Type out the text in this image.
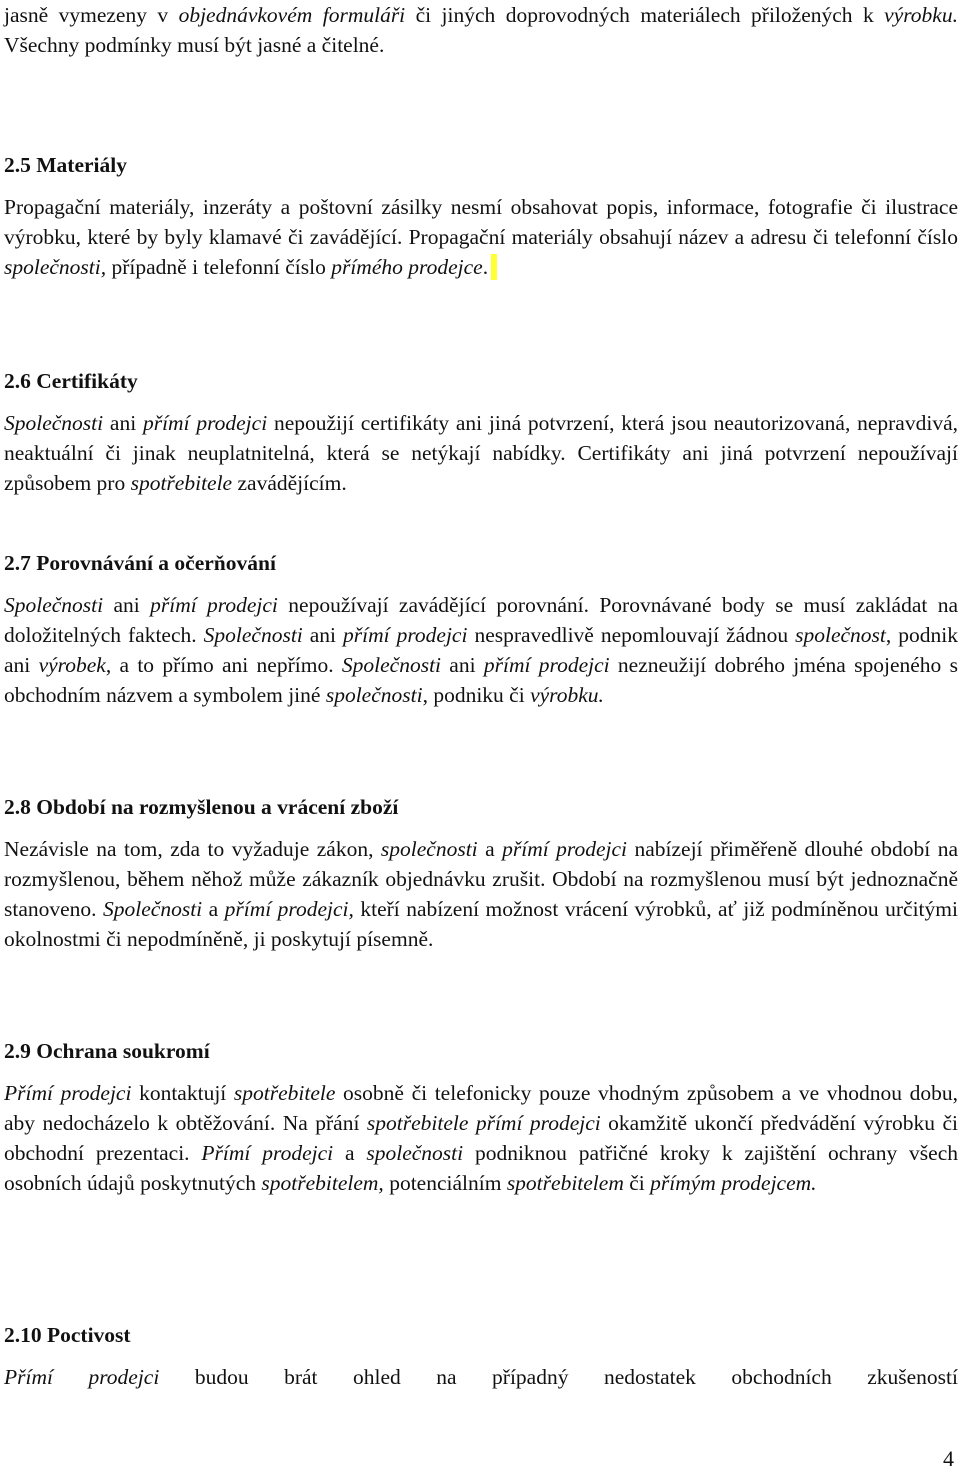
jasně vymezeny v objednávkovém formuláři či jiných doprovodných materiálech přiložených k výrobku. Všechny podmínky musí být jasné a čitelné.

2.5 Materiály

Propagační materiály, inzeráty a poštovní zásilky nesmí obsahovat popis, informace, fotografie či ilustrace výrobku, které by byly klamavé či zavádějící. Propagační materiály obsahují název a adresu či telefonní číslo společnosti, případně i telefonní číslo přímého prodejce.

2.6 Certifikáty

Společnosti ani přímí prodejci nepoužijí certifikáty ani jiná potvrzení, která jsou neautorizovaná, nepravdivá, neaktuální či jinak neuplatnitelná, která se netýkají nabídky. Certifikáty ani jiná potvrzení nepoužívají způsobem pro spotřebitele zavádějícím.

2.7 Porovnávání a očerňování

Společnosti ani přímí prodejci nepoužívají zavádějící porovnání. Porovnávané body se musí zakládat na doložitelných faktech. Společnosti ani přímí prodejci nespravedlivě nepomlouvají žádnou společnost, podnik ani výrobek, a to přímo ani nepřímo. Společnosti ani přímí prodejci nezneužijí dobrého jména spojeného s obchodním názvem a symbolem jiné společnosti, podniku či výrobku.

2.8 Období na rozmyšlenou a vrácení zboží

Nezávisle na tom, zda to vyžaduje zákon, společnosti a přímí prodejci nabízejí přiměřeně dlouhé období na rozmyšlenou, během něhož může zákazník objednávku zrušit. Období na rozmyšlenou musí být jednoznačně stanoveno. Společnosti a přímí prodejci, kteří nabízení možnost vrácení výrobků, ať již podmíněnou určitými okolnostmi či nepodmíněně, ji poskytují písemně.

2.9 Ochrana soukromí

Přímí prodejci kontaktují spotřebitele osobně či telefonicky pouze vhodným způsobem a ve vhodnou dobu, aby nedocházelo k obtěžování. Na přání spotřebitele přímí prodejci okamžitě ukončí předvádění výrobku či obchodní prezentaci. Přímí prodejci a společnosti podniknou patřičné kroky k zajištění ochrany všech osobních údajů poskytnutých spotřebitelem, potenciálním spotřebitelem či přímým prodejcem.

2.10 Poctivost

Přímí prodejci budou brát ohled na případný nedostatek obchodních zkušeností

4
